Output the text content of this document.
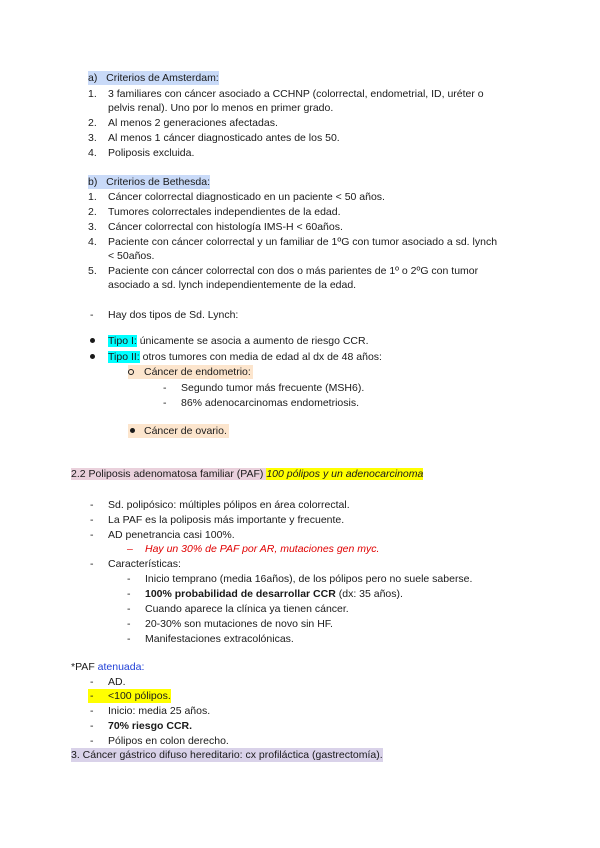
a) Criterios de Amsterdam:
1. 3 familiares con cáncer asociado a CCHNP (colorrectal, endometrial, ID, uréter o
pelvis renal). Uno por lo menos en primer grado.
2. Al menos 2 generaciones afectadas.
3. Al menos 1 cáncer diagnosticado antes de los 50.
4. Poliposis excluida.
b) Criterios de Bethesda:
1. Cáncer colorrectal diagnosticado en un paciente < 50 años.
2. Tumores colorrectales independientes de la edad.
3. Cáncer colorrectal con histología IMS-H < 60años.
4. Paciente con cáncer colorrectal y un familiar de 1ºG con tumor asociado a sd. lynch
< 50años.
5. Paciente con cáncer colorrectal con dos o más parientes de 1º o 2ºG con tumor
asociado a sd. lynch independientemente de la edad.
- Hay dos tipos de Sd. Lynch:
Tipo I: únicamente se asocia a aumento de riesgo CCR.
Tipo II: otros tumores con media de edad al dx de 48 años:
Cáncer de endometrio:
- Segundo tumor más frecuente (MSH6).
- 86% adenocarcinomas endometriosis.
Cáncer de ovario.
2.2 Poliposis adenomatosa familiar (PAF) 100 pólipos y un adenocarcinoma
- Sd. polipósico: múltiples pólipos en área colorrectal.
- La PAF es la poliposis más importante y frecuente.
- AD penetrancia casi 100%.
– Hay un 30% de PAF por AR, mutaciones gen myc.
- Características:
- Inicio temprano (media 16años), de los pólipos pero no suele saberse.
- 100% probabilidad de desarrollar CCR (dx: 35 años).
- Cuando aparece la clínica ya tienen cáncer.
- 20-30% son mutaciones de novo sin HF.
- Manifestaciones extracolónicas.
*PAF atenuada:
- AD.
-	<100 pólipos.
- Inicio: media 25 años.
- 70% riesgo CCR.
- Pólipos en colon derecho.
3. Cáncer gástrico difuso hereditario: cx profiláctica (gastrectomía).
